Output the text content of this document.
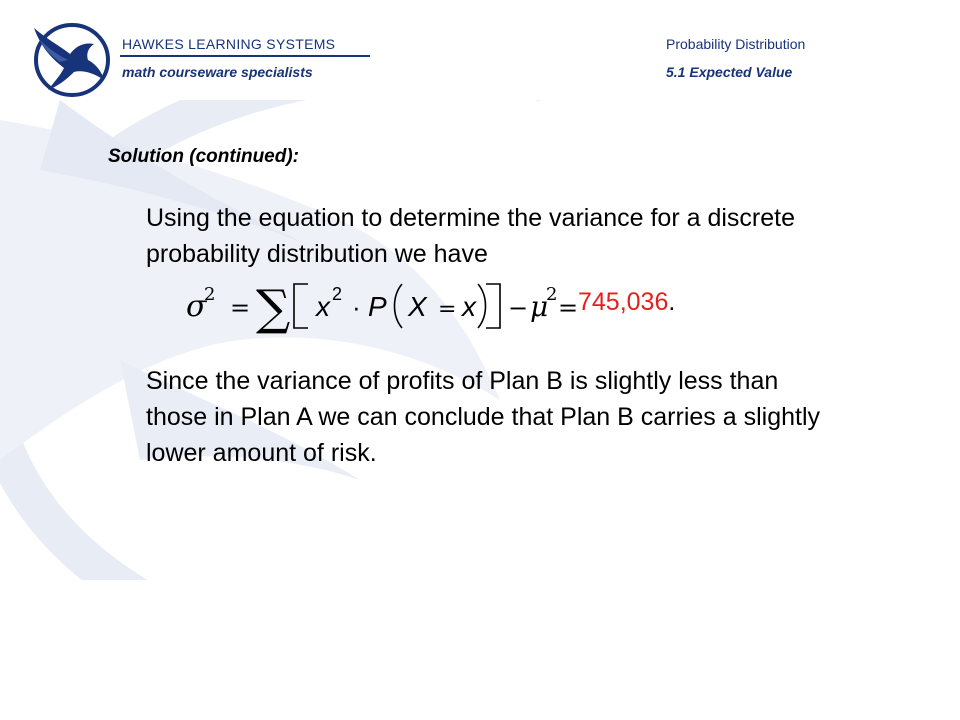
HAWKES LEARNING SYSTEMS
math courseware specialists
Probability Distribution
5.1 Expected Value
Solution (continued):
Using the equation to determine the variance for a discrete probability distribution we have
σ
2 = ∑ x 2 · P X = x − μ
2 = 745,036.
Since the variance of profits of Plan B is slightly less than those in Plan A we can conclude that Plan B carries a slightly lower amount of risk.
